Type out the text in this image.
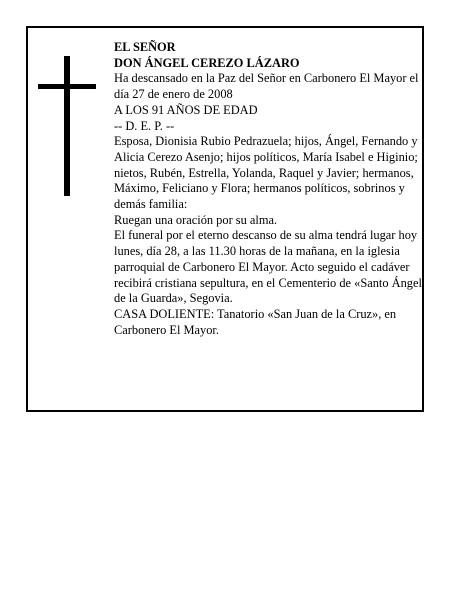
EL SEÑOR

DON ÁNGEL CEREZO LÁZARO

Ha descansado en la Paz del Señor en Carbonero El Mayor el día 27 de enero de 2008

A LOS 91 AÑOS DE EDAD

-- D. E. P. --

Esposa, Dionisia Rubio Pedrazuela; hijos, Ángel, Fernando y Alicia Cerezo Asenjo; hijos políticos, María Isabel e Higinio; nietos, Rubén, Estrella, Yolanda, Raquel y Javier; hermanos, Máximo, Feliciano y Flora; hermanos políticos, sobrinos y demás familia:

Ruegan una oración por su alma.

El funeral por el eterno descanso de su alma tendrá lugar hoy lunes, día 28, a las 11.30 horas de la mañana, en la iglesia parroquial de Carbonero El Mayor. Acto seguido el cadáver recibirá cristiana sepultura, en el Cementerio de «Santo Ángel de la Guarda», Segovia.

CASA DOLIENTE: Tanatorio «San Juan de la Cruz», en Carbonero El Mayor.
